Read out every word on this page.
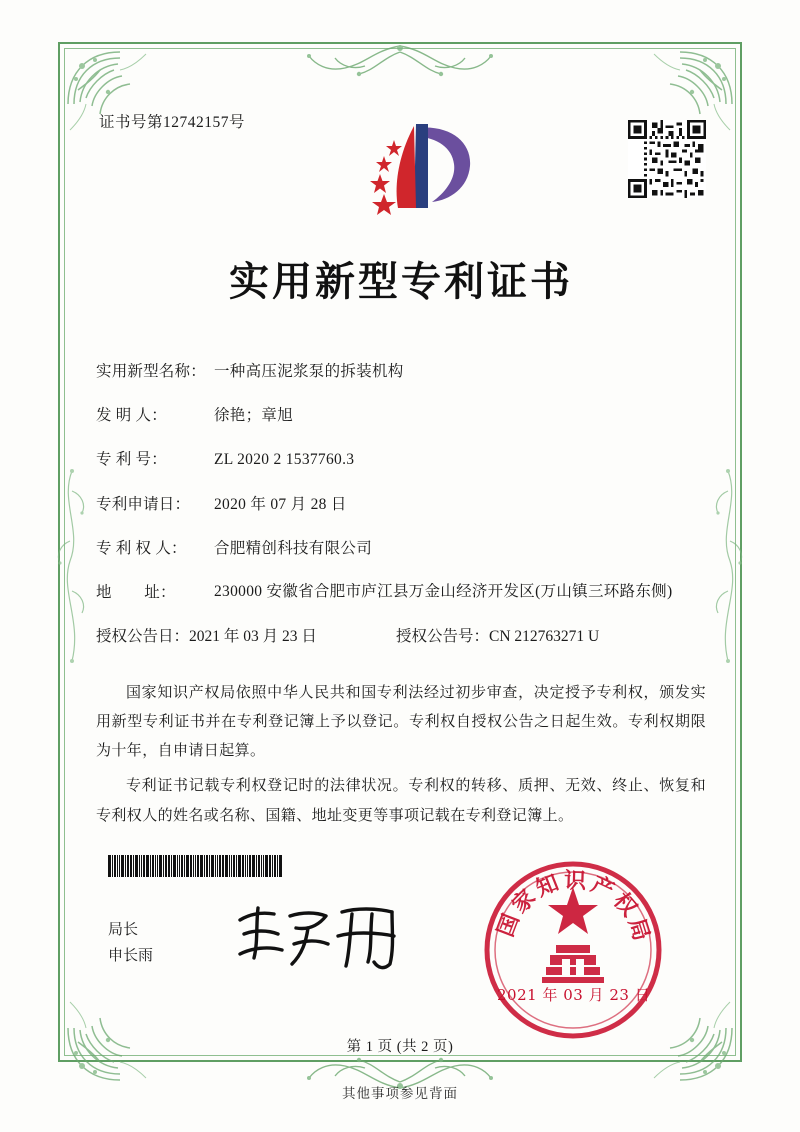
证书号第12742157号
实用新型专利证书
实用新型名称： 一种高压泥浆泵的拆装机构
发 明 人：	徐艳；章旭
专 利 号：	ZL 2020 2 1537760.3
专利申请日：	2020 年 07 月 28 日
专 利 权 人：	合肥精创科技有限公司
地        址：	230000 安徽省合肥市庐江县万金山经济开发区(万山镇三环路东侧)
授权公告日：2021 年 03 月 23 日	授权公告号：CN 212763271 U

国家知识产权局依照中华人民共和国专利法经过初步审查，决定授予专利权，颁发实用新型专利证书并在专利登记簿上予以登记。专利权自授权公告之日起生效。专利权期限为十年，自申请日起算。

专利证书记载专利权登记时的法律状况。专利权的转移、质押、无效、终止、恢复和专利权人的姓名或名称、国籍、地址变更等事项记载在专利登记簿上。

局长
申长雨
国 家 知 识 产 权 局
2021 年 03 月 23 日
第 1 页 (共 2 页)
其他事项参见背面
